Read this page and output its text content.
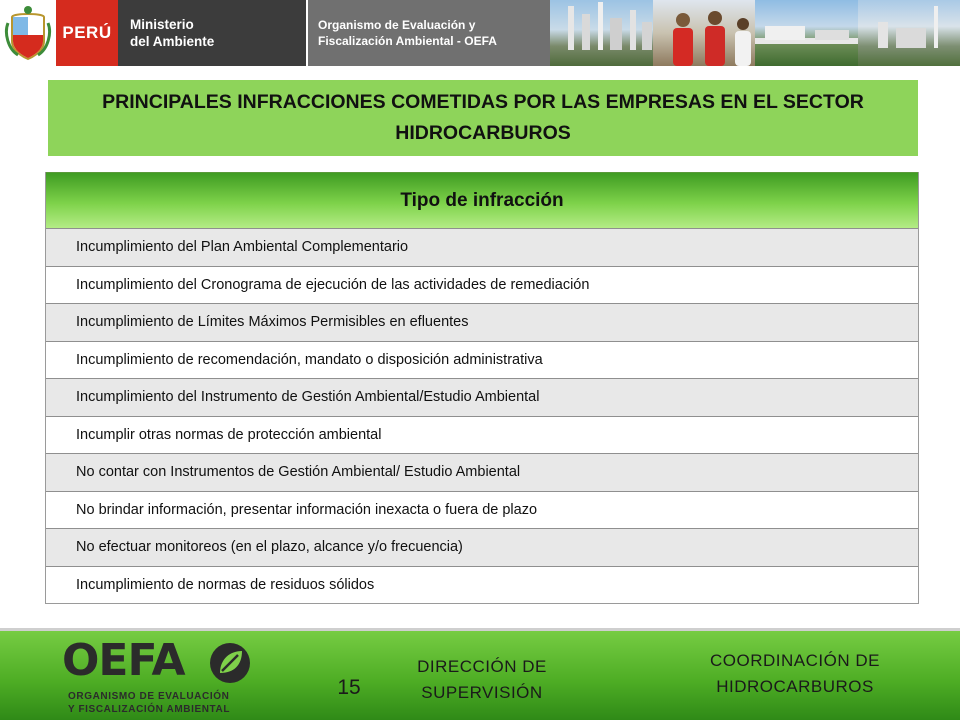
PERÚ	Ministerio
del Ambiente
Organismo de Evaluación y
Fiscalización Ambiental - OEFA
PRINCIPALES INFRACCIONES COMETIDAS POR LAS EMPRESAS EN EL SECTOR HIDROCARBUROS
Tipo de infracción
Incumplimiento del Plan Ambiental Complementario
Incumplimiento del Cronograma de ejecución de las actividades de remediación
Incumplimiento de Límites Máximos Permisibles en efluentes
Incumplimiento de recomendación, mandato o disposición administrativa
Incumplimiento del Instrumento de Gestión Ambiental/Estudio Ambiental
Incumplir otras normas de protección ambiental
No contar con Instrumentos de Gestión Ambiental/ Estudio Ambiental
No brindar información, presentar información inexacta o fuera de plazo
No efectuar monitoreos (en el plazo, alcance y/o frecuencia)
Incumplimiento de normas de residuos sólidos
OEFA
ORGANISMO DE EVALUACIÓN
Y FISCALIZACIÓN AMBIENTAL
15
DIRECCIÓN DE
SUPERVISIÓN
COORDINACIÓN DE
HIDROCARBUROS
